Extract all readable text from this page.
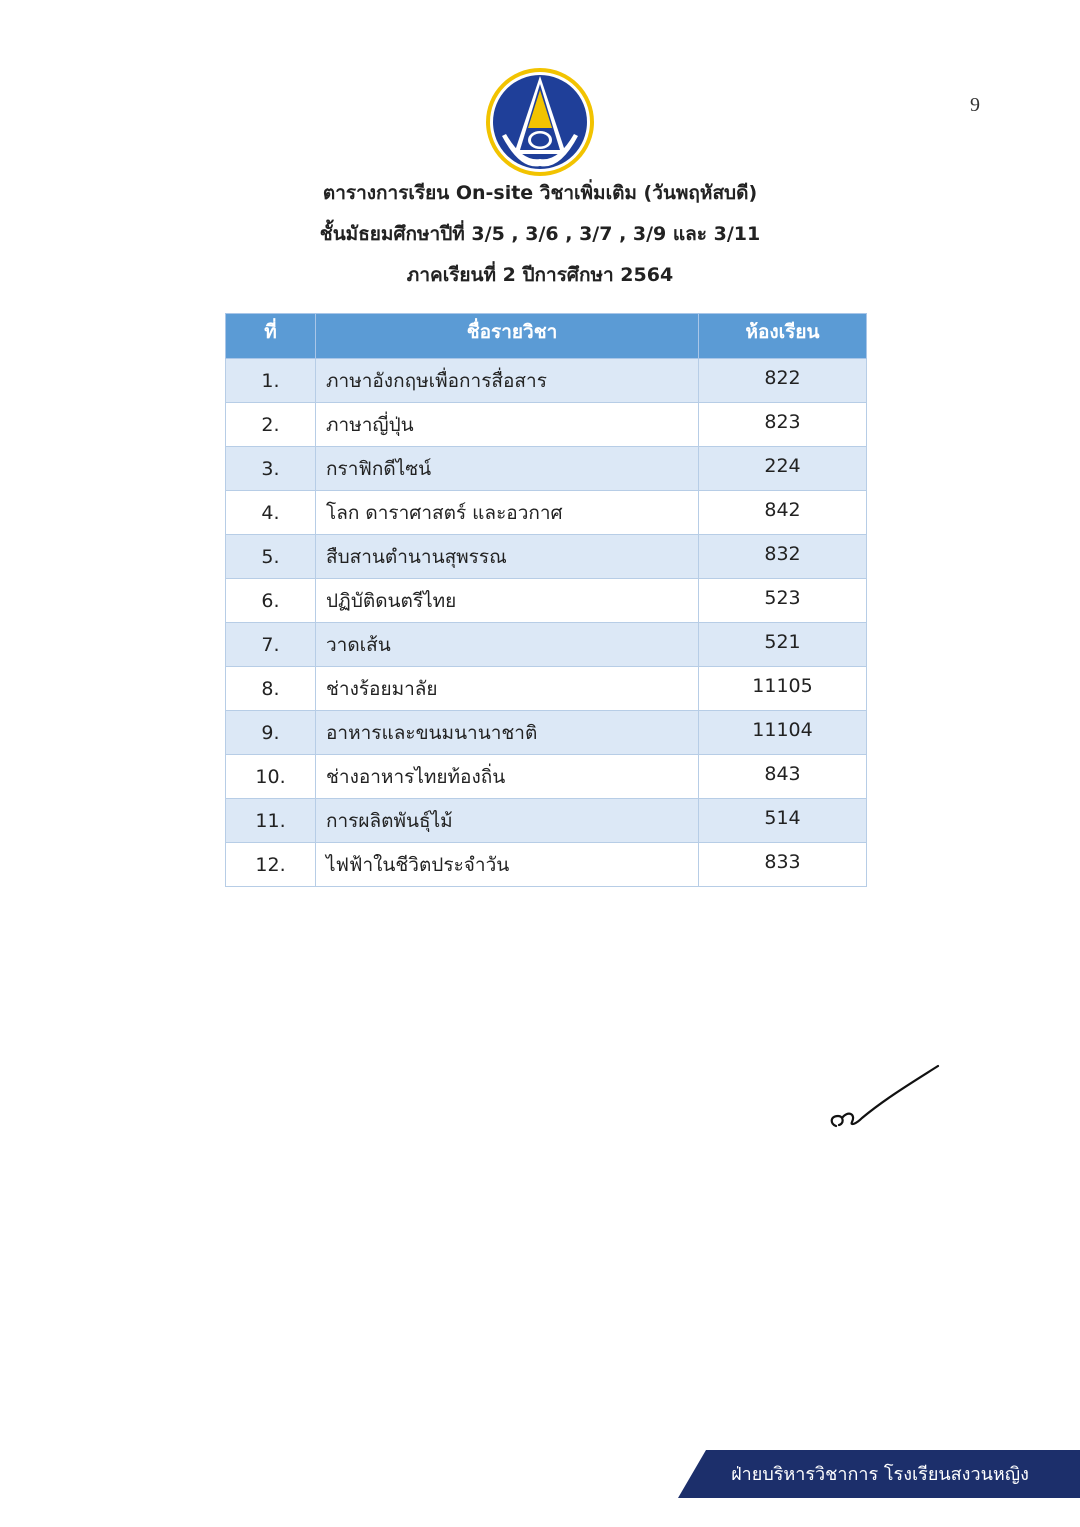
9
ตารางการเรียน On-site วิชาเพิ่มเติม (วันพฤหัสบดี)
ชั้นมัธยมศึกษาปีที่ 3/5 , 3/6 , 3/7 , 3/9 และ 3/11
ภาคเรียนที่ 2 ปีการศึกษา 2564
ที่	ชื่อรายวิชา	ห้องเรียน
1.	ภาษาอังกฤษเพื่อการสื่อสาร	822
2.	ภาษาญี่ปุ่น	823
3.	กราฟิกดีไซน์	224
4.	โลก ดาราศาสตร์ และอวกาศ	842
5.	สืบสานตำนานสุพรรณ	832
6.	ปฏิบัติดนตรีไทย	523
7.	วาดเส้น	521
8.	ช่างร้อยมาลัย	11105
9.	อาหารและขนมนานาชาติ	11104
10.	ช่างอาหารไทยท้องถิ่น	843
11.	การผลิตพันธุ์ไม้	514
12.	ไฟฟ้าในชีวิตประจำวัน	833
ฝ่ายบริหารวิชาการ โรงเรียนสงวนหญิง
